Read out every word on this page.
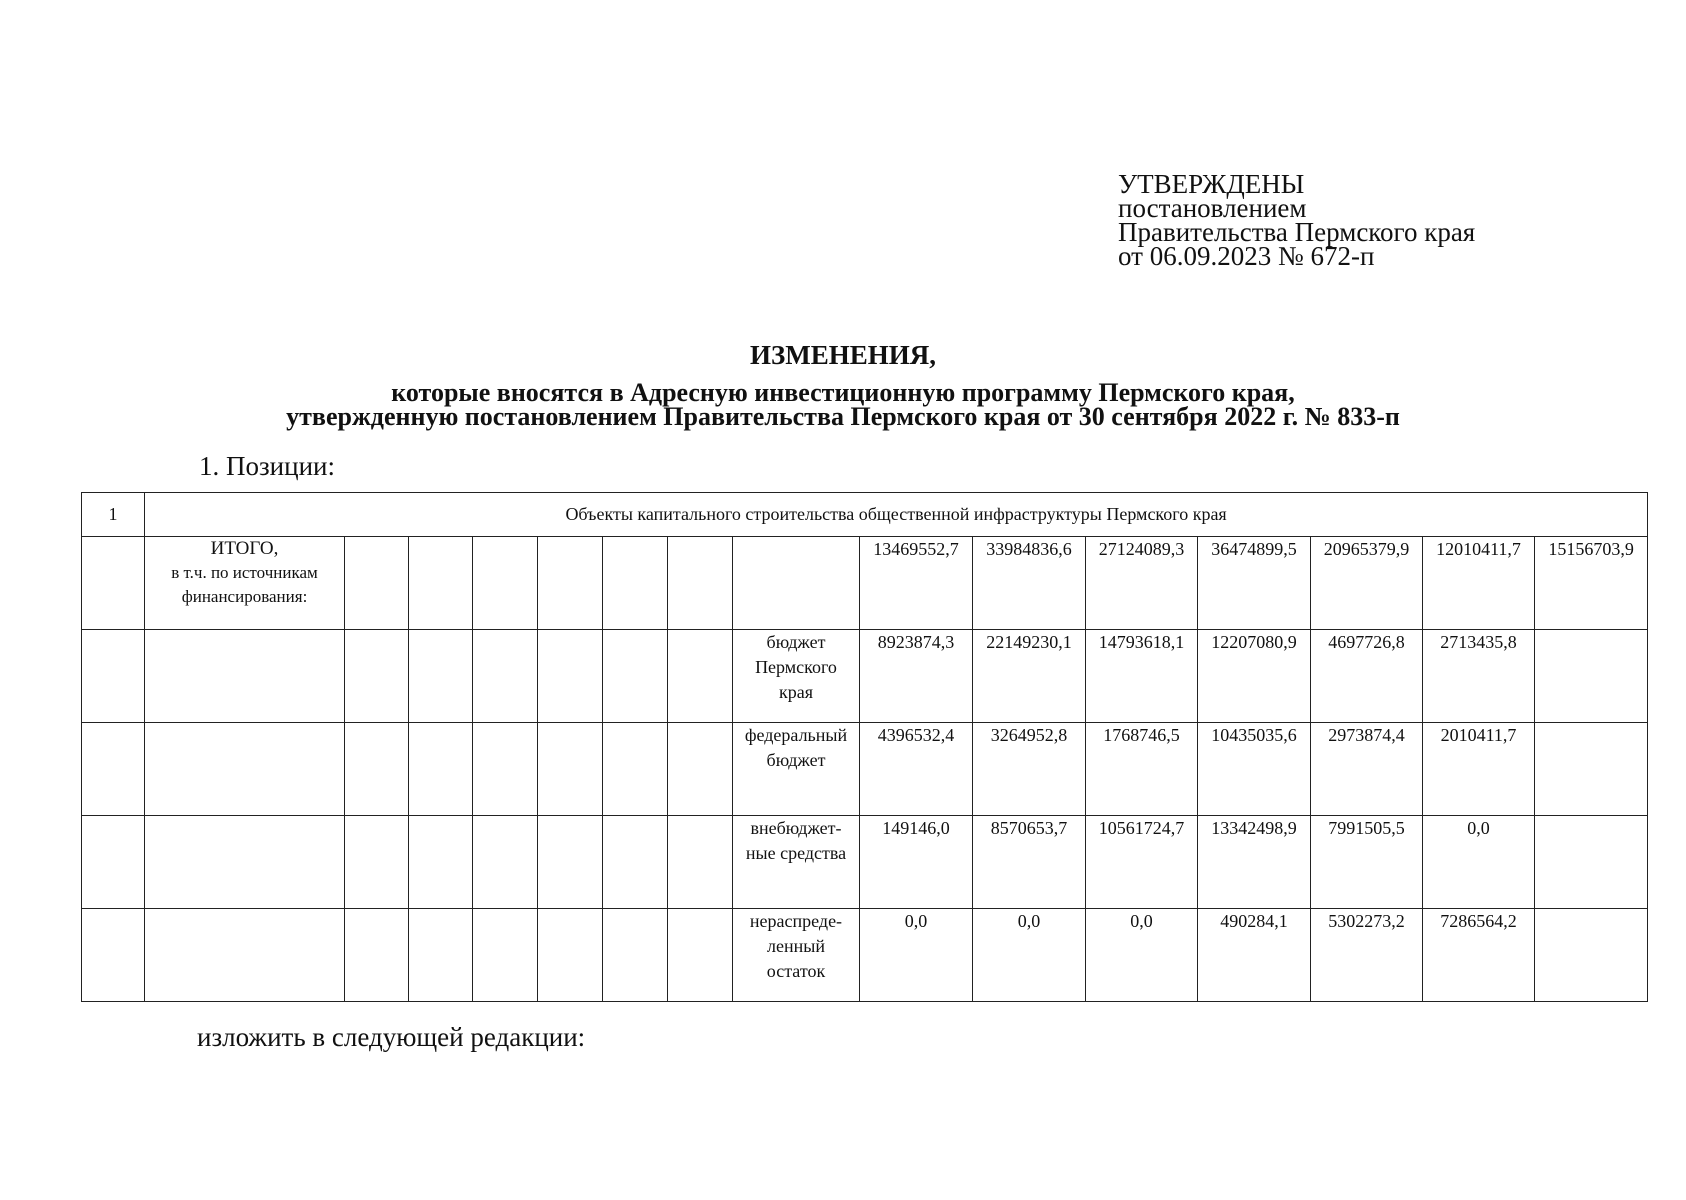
УТВЕРЖДЕНЫ
постановлением
Правительства Пермского края
от 06.09.2023 № 672-п
ИЗМЕНЕНИЯ,
которые вносятся в Адресную инвестиционную программу Пермского края,
утвержденную постановлением Правительства Пермского края от 30 сентября 2022 г. № 833-п
1. Позиции:
1	Объекты капитального строительства общественной инфраструктуры Пермского края														

	ИТОГО,
в т.ч. по источникам
финансирования:								13469552,7	33984836,6	27124089,3	36474899,5	20965379,9	12010411,7	15156703,9

								бюджет
Пермского
края	8923874,3	22149230,1	14793618,1	12207080,9	4697726,8	2713435,8	

								федеральный
бюджет	4396532,4	3264952,8	1768746,5	10435035,6	2973874,4	2010411,7	

								внебюджет-
ные средства	149146,0	8570653,7	10561724,7	13342498,9	7991505,5	0,0	

								нераспреде-
ленный
остаток	0,0	0,0	0,0	490284,1	5302273,2	7286564,2	
изложить в следующей редакции:
